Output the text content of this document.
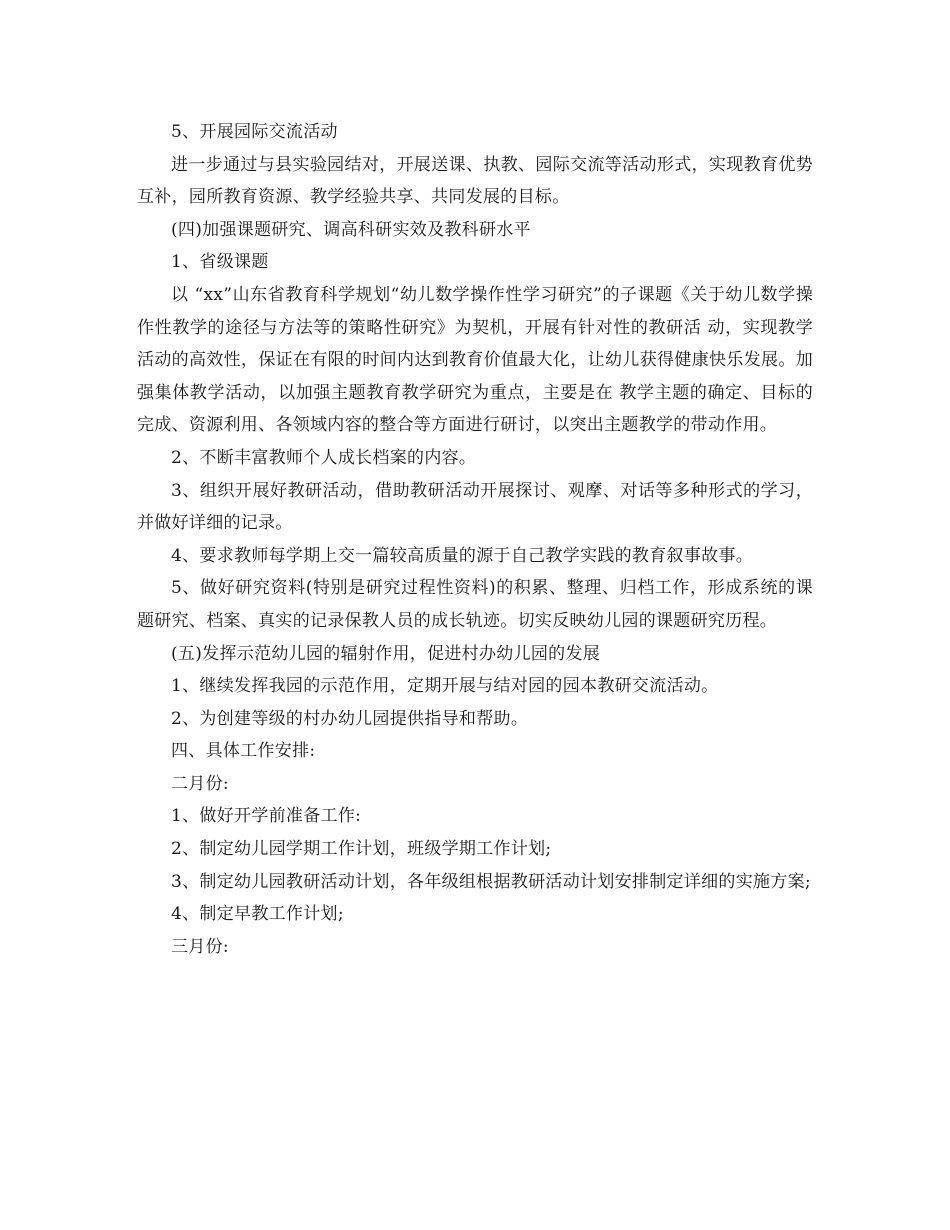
5、开展园际交流活动

进一步通过与县实验园结对，开展送课、执教、园际交流等活动形式，实现教育优势互补，园所教育资源、教学经验共享、共同发展的目标。

(四)加强课题研究、调高科研实效及教科研水平

1、省级课题

以 “xx”山东省教育科学规划“幼儿数学操作性学习研究”的子课题《关于幼儿数学操作性教学的途径与方法等的策略性研究》为契机，开展有针对性的教研活 动，实现教学活动的高效性，保证在有限的时间内达到教育价值最大化，让幼儿获得健康快乐发展。加强集体教学活动，以加强主题教育教学研究为重点，主要是在 教学主题的确定、目标的完成、资源利用、各领域内容的整合等方面进行研讨，以突出主题教学的带动作用。

2、不断丰富教师个人成长档案的内容。

3、组织开展好教研活动，借助教研活动开展探讨、观摩、对话等多种形式的学习，并做好详细的记录。

4、要求教师每学期上交一篇较高质量的源于自己教学实践的教育叙事故事。

5、做好研究资料(特别是研究过程性资料)的积累、整理、归档工作，形成系统的课题研究、档案、真实的记录保教人员的成长轨迹。切实反映幼儿园的课题研究历程。

(五)发挥示范幼儿园的辐射作用，促进村办幼儿园的发展

1、继续发挥我园的示范作用，定期开展与结对园的园本教研交流活动。

2、为创建等级的村办幼儿园提供指导和帮助。

四、具体工作安排:

二月份:

1、做好开学前准备工作:

2、制定幼儿园学期工作计划，班级学期工作计划;

3、制定幼儿园教研活动计划，各年级组根据教研活动计划安排制定详细的实施方案;

4、制定早教工作计划;

三月份:
